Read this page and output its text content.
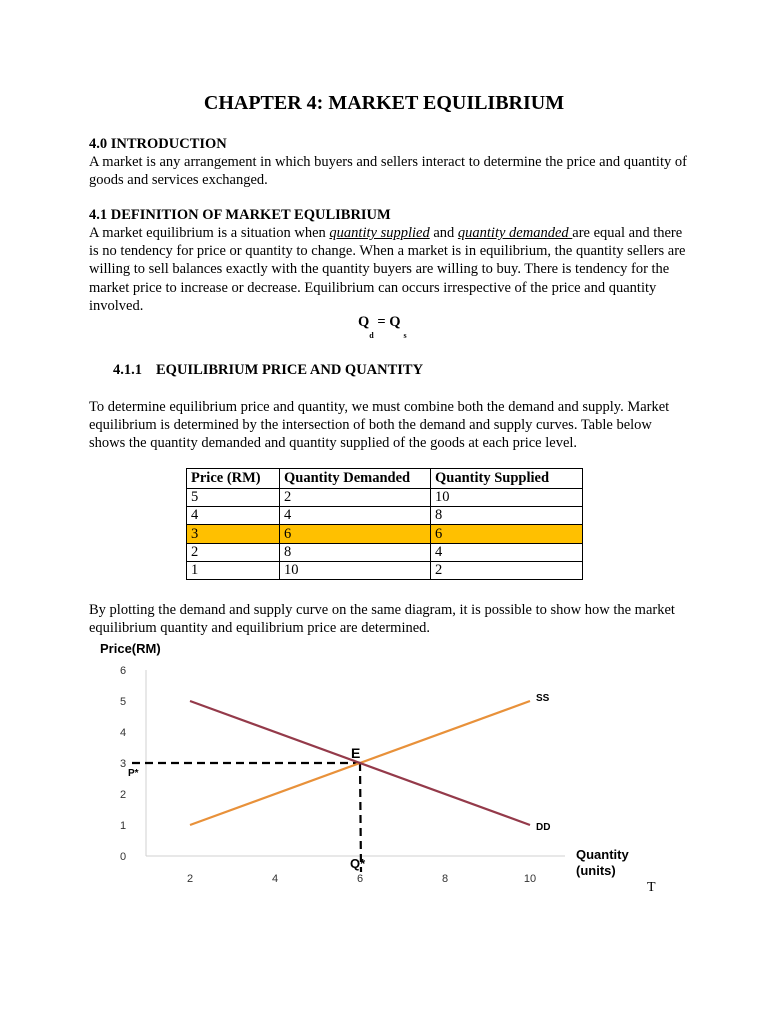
CHAPTER 4: MARKET EQUILIBRIUM
4.0 INTRODUCTION
A market is any arrangement in which buyers and sellers interact to determine the price and quantity of goods and services exchanged.
4.1 DEFINITION OF MARKET EQULIBRIUM
A market equilibrium is a situation when quantity supplied and quantity demanded are equal and there is no tendency for price or quantity to change. When a market is in equilibrium, the quantity sellers are willing to sell balances exactly with the quantity buyers are willing to buy. There is tendency for the market price to increase or decrease. Equilibrium can occurs irrespective of the price and quantity involved.
$Q_d = Q_s$
4.1.1 EQUILIBRIUM PRICE AND QUANTITY
To determine equilibrium price and quantity, we must combine both the demand and supply. Market equilibrium is determined by the intersection of both the demand and supply curves. Table below shows the quantity demanded and quantity supplied of the goods at each price level.
Price (RM)	Quantity Demanded	Quantity Supplied
5	2	10
4	4	8
3	6	6
2	8	4
1	10	2
By plotting the demand and supply curve on the same diagram, it is possible to show how the market equilibrium quantity and equilibrium price are determined.
Price(RM)
0
1
2
3
4
5
6
2	4	6	8	10
SS
DD
E
P*
Q*
Quantity
(units)
T
